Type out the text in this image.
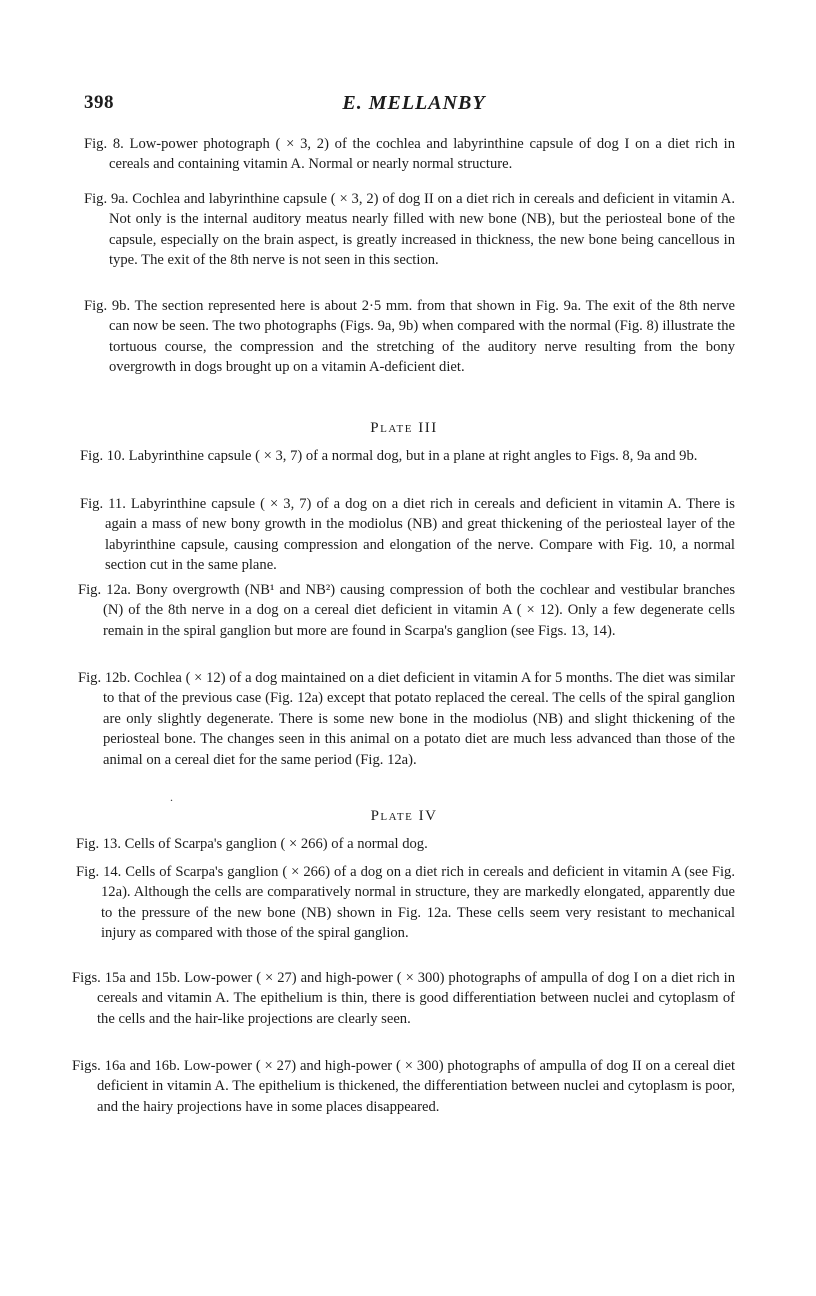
398	E. MELLANBY

Fig. 8. Low-power photograph ( × 3, 2) of the cochlea and labyrinthine capsule of dog I on a diet rich in cereals and containing vitamin A. Normal or nearly normal structure.

Fig. 9a. Cochlea and labyrinthine capsule ( × 3, 2) of dog II on a diet rich in cereals and deficient in vitamin A. Not only is the internal auditory meatus nearly filled with new bone (NB), but the periosteal bone of the capsule, especially on the brain aspect, is greatly increased in thickness, the new bone being cancellous in type. The exit of the 8th nerve is not seen in this section.

Fig. 9b. The section represented here is about 2·5 mm. from that shown in Fig. 9a. The exit of the 8th nerve can now be seen. The two photographs (Figs. 9a, 9b) when compared with the normal (Fig. 8) illustrate the tortuous course, the compression and the stretching of the auditory nerve resulting from the bony overgrowth in dogs brought up on a vitamin A-deficient diet.

Plate III

Fig. 10. Labyrinthine capsule ( × 3, 7) of a normal dog, but in a plane at right angles to Figs. 8, 9a and 9b.

Fig. 11. Labyrinthine capsule ( × 3, 7) of a dog on a diet rich in cereals and deficient in vitamin A. There is again a mass of new bony growth in the modiolus (NB) and great thickening of the periosteal layer of the labyrinthine capsule, causing compression and elongation of the nerve. Compare with Fig. 10, a normal section cut in the same plane.

Fig. 12a. Bony overgrowth (NB¹ and NB²) causing compression of both the cochlear and vestibular branches (N) of the 8th nerve in a dog on a cereal diet deficient in vitamin A ( × 12). Only a few degenerate cells remain in the spiral ganglion but more are found in Scarpa's ganglion (see Figs. 13, 14).

Fig. 12b. Cochlea ( × 12) of a dog maintained on a diet deficient in vitamin A for 5 months. The diet was similar to that of the previous case (Fig. 12a) except that potato replaced the cereal. The cells of the spiral ganglion are only slightly degenerate. There is some new bone in the modiolus (NB) and slight thickening of the periosteal bone. The changes seen in this animal on a potato diet are much less advanced than those of the animal on a cereal diet for the same period (Fig. 12a).

.

Plate IV

Fig. 13. Cells of Scarpa's ganglion ( × 266) of a normal dog.

Fig. 14. Cells of Scarpa's ganglion ( × 266) of a dog on a diet rich in cereals and deficient in vitamin A (see Fig. 12a). Although the cells are comparatively normal in structure, they are markedly elongated, apparently due to the pressure of the new bone (NB) shown in Fig. 12a. These cells seem very resistant to mechanical injury as compared with those of the spiral ganglion.

Figs. 15a and 15b. Low-power ( × 27) and high-power ( × 300) photographs of ampulla of dog I on a diet rich in cereals and vitamin A. The epithelium is thin, there is good differentiation between nuclei and cytoplasm of the cells and the hair-like projections are clearly seen.

Figs. 16a and 16b. Low-power ( × 27) and high-power ( × 300) photographs of ampulla of dog II on a cereal diet deficient in vitamin A. The epithelium is thickened, the differentiation between nuclei and cytoplasm is poor, and the hairy projections have in some places disappeared.
